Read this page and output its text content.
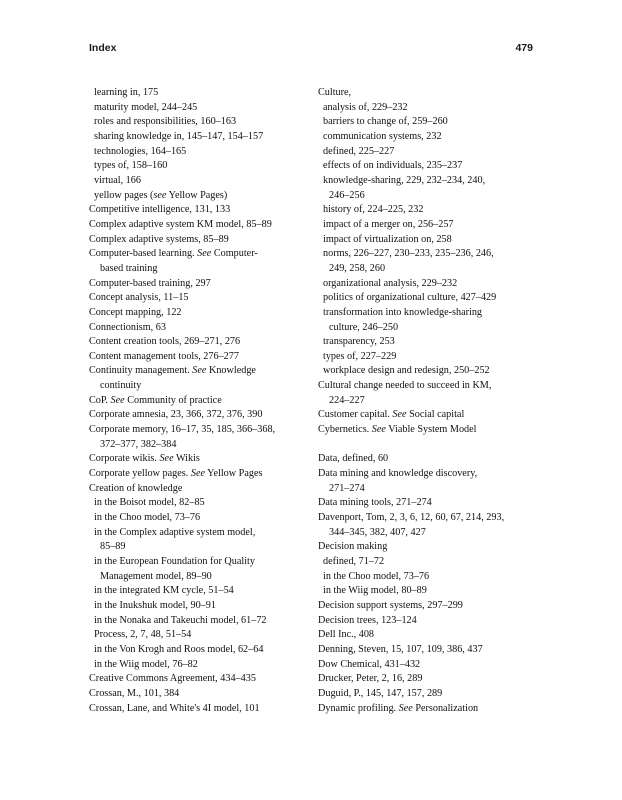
Index	479
learning in, 175
maturity model, 244–245
roles and responsibilities, 160–163
sharing knowledge in, 145–147, 154–157
technologies, 164–165
types of, 158–160
virtual, 166
yellow pages (see Yellow Pages)
Competitive intelligence, 131, 133
Complex adaptive system KM model, 85–89
Complex adaptive systems, 85–89
Computer-based learning. See Computer-
based training
Computer-based training, 297
Concept analysis, 11–15
Concept mapping, 122
Connectionism, 63
Content creation tools, 269–271, 276
Content management tools, 276–277
Continuity management. See Knowledge
continuity
CoP. See Community of practice
Corporate amnesia, 23, 366, 372, 376, 390
Corporate memory, 16–17, 35, 185, 366–368,
372–377, 382–384
Corporate wikis. See Wikis
Corporate yellow pages. See Yellow Pages
Creation of knowledge
in the Boisot model, 82–85
in the Choo model, 73–76
in the Complex adaptive system model,
85–89
in the European Foundation for Quality
Management model, 89–90
in the integrated KM cycle, 51–54
in the Inukshuk model, 90–91
in the Nonaka and Takeuchi model, 61–72
Process, 2, 7, 48, 51–54
in the Von Krogh and Roos model, 62–64
in the Wiig model, 76–82
Creative Commons Agreement, 434–435
Crossan, M., 101, 384
Crossan, Lane, and White's 4I model, 101
Culture,
analysis of, 229–232
barriers to change of, 259–260
communication systems, 232
defined, 225–227
effects of on individuals, 235–237
knowledge-sharing, 229, 232–234, 240,
246–256
history of, 224–225, 232
impact of a merger on, 256–257
impact of virtualization on, 258
norms, 226–227, 230–233, 235–236, 246,
249, 258, 260
organizational analysis, 229–232
politics of organizational culture, 427–429
transformation into knowledge-sharing
culture, 246–250
transparency, 253
types of, 227–229
workplace design and redesign, 250–252
Cultural change needed to succeed in KM,
224–227
Customer capital. See Social capital
Cybernetics. See Viable System Model
Data, defined, 60
Data mining and knowledge discovery,
271–274
Data mining tools, 271–274
Davenport, Tom, 2, 3, 6, 12, 60, 67, 214, 293,
344–345, 382, 407, 427
Decision making
defined, 71–72
in the Choo model, 73–76
in the Wiig model, 80–89
Decision support systems, 297–299
Decision trees, 123–124
Dell Inc., 408
Denning, Steven, 15, 107, 109, 386, 437
Dow Chemical, 431–432
Drucker, Peter, 2, 16, 289
Duguid, P., 145, 147, 157, 289
Dynamic profiling. See Personalization
